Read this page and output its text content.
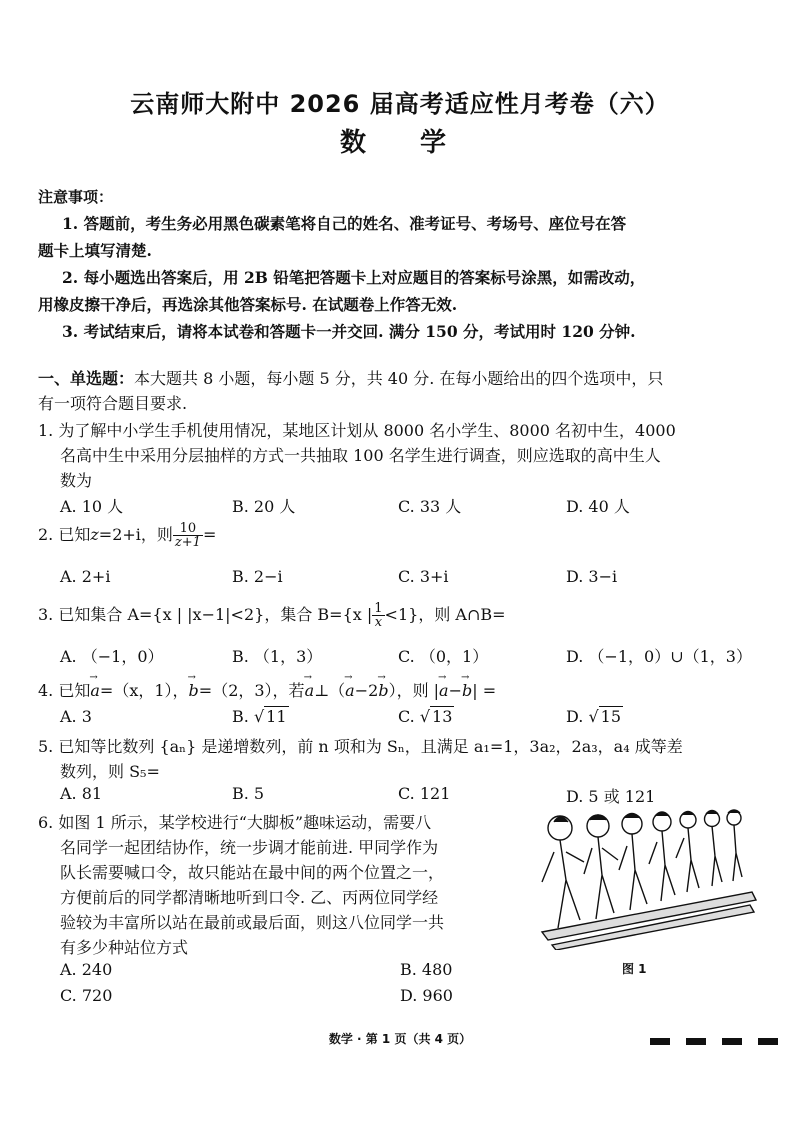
云南师大附中 2026 届高考适应性月考卷（六）
数　学
注意事项：
1. 答题前，考生务必用黑色碳素笔将自己的姓名、准考证号、考场号、座位号在答
题卡上填写清楚.
2. 每小题选出答案后，用 2B 铅笔把答题卡上对应题目的答案标号涂黑，如需改动，
用橡皮擦干净后，再选涂其他答案标号. 在试题卷上作答无效.
3. 考试结束后，请将本试卷和答题卡一并交回. 满分 150 分，考试用时 120 分钟.
一、单选题：本大题共 8 小题，每小题 5 分，共 40 分. 在每小题给出的四个选项中，只
有一项符合题目要求.
1. 为了解中小学生手机使用情况，某地区计划从 8000 名小学生、8000 名初中生，4000
名高中生中采用分层抽样的方式一共抽取 100 名学生进行调查，则应选取的高中生人
数为
A. 10 人	B. 20 人	C. 33 人	D. 40 人
2. 已知z=2+i，则 $\frac{10}{z+1}$ =
A. 2+i	B. 2−i	C. 3+i	D. 3−i
3. 已知集合 A={x | |x−1|<2}，集合 B={x | $\frac{1}{x} <1$}，则 A∩B=
A. （−1，0）	B. （1，3）	C. （0，1）	D. （−1，0）∪（1，3）
4. 已知→ a=（x，1），→ b=（2，3），若→ a⊥（→ a−2→ b），则 |→ a−→ b| =
A. 3	B. √ 11	C. √ 13	D. √ 15
5. 已知等比数列 {aₙ} 是递增数列，前 n 项和为 Sₙ，且满足 a₁=1，3a₂，2a₃，a₄ 成等差
数列，则 S₅=
A. 81	B. 5	C. 121	D. 5 或 121
6. 如图 1 所示，某学校进行“大脚板”趣味运动，需要八
名同学一起团结协作，统一步调才能前进. 甲同学作为
队长需要喊口令，故只能站在最中间的两个位置之一，
方便前后的同学都清晰地听到口令. 乙、丙两位同学经
验较为丰富所以站在最前或最后面，则这八位同学一共
有多少种站位方式
A. 240	B. 480
C. 720	D. 960
图 1
数学 · 第 1 页（共 4 页）
